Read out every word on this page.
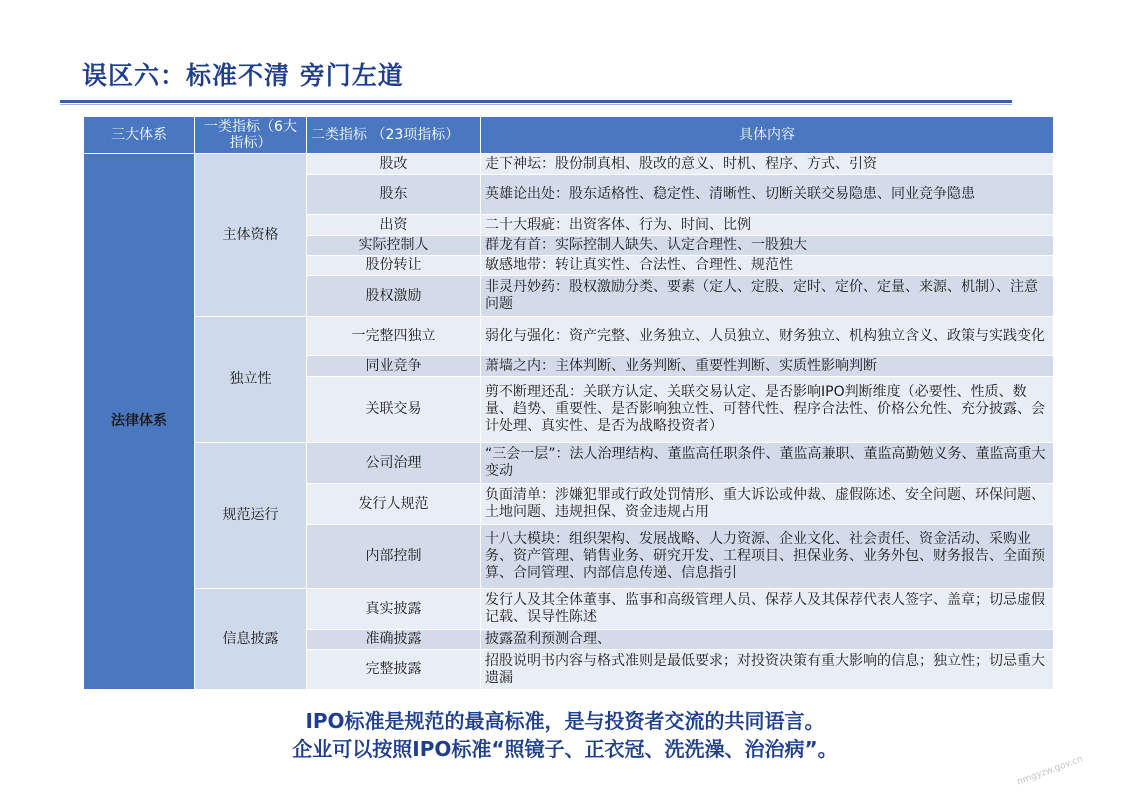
误区六：标准不清 旁门左道
三大体系	一类指标（6大指标）	二类指标 （23项指标）	具体内容
法律体系	主体资格	股改	走下神坛：股份制真相、股改的意义、时机、程序、方式、引资
		股东	英雄论出处：股东适格性、稳定性、清晰性、切断关联交易隐患、同业竞争隐患
		出资	二十大瑕疵：出资客体、行为、时间、比例
		实际控制人	群龙有首：实际控制人缺失、认定合理性、一股独大
		股份转让	敏感地带：转让真实性、合法性、合理性、规范性
		股权激励	非灵丹妙药：股权激励分类、要素（定人、定股、定时、定价、定量、来源、机制）、注意问题
	独立性	一完整四独立	弱化与强化：资产完整、业务独立、人员独立、财务独立、机构独立含义、政策与实践变化
		同业竞争	萧墙之内：主体判断、业务判断、重要性判断、实质性影响判断
		关联交易	剪不断理还乱：关联方认定、关联交易认定、是否影响IPO判断维度（必要性、性质、数量、趋势、重要性、是否影响独立性、可替代性、程序合法性、价格公允性、充分披露、会计处理、真实性、是否为战略投资者）
	规范运行	公司治理	“三会一层”：法人治理结构、董监高任职条件、董监高兼职、董监高勤勉义务、董监高重大变动
		发行人规范	负面清单：涉嫌犯罪或行政处罚情形、重大诉讼或仲裁、虚假陈述、安全问题、环保问题、土地问题、违规担保、资金违规占用
		内部控制	十八大模块：组织架构、发展战略、人力资源、企业文化、社会责任、资金活动、采购业务、资产管理、销售业务、研究开发、工程项目、担保业务、业务外包、财务报告、全面预算、合同管理、内部信息传递、信息指引
	信息披露	真实披露	发行人及其全体董事、监事和高级管理人员、保荐人及其保荐代表人签字、盖章；切忌虚假记载、误导性陈述
		准确披露	披露盈利预测合理、
		完整披露	招股说明书内容与格式准则是最低要求；对投资决策有重大影响的信息；独立性；切忌重大遗漏
IPO标准是规范的最高标准，是与投资者交流的共同语言。
企业可以按照IPO标准“照镜子、正衣冠、洗洗澡、治治病”。
nmgyzw.gov.cn
